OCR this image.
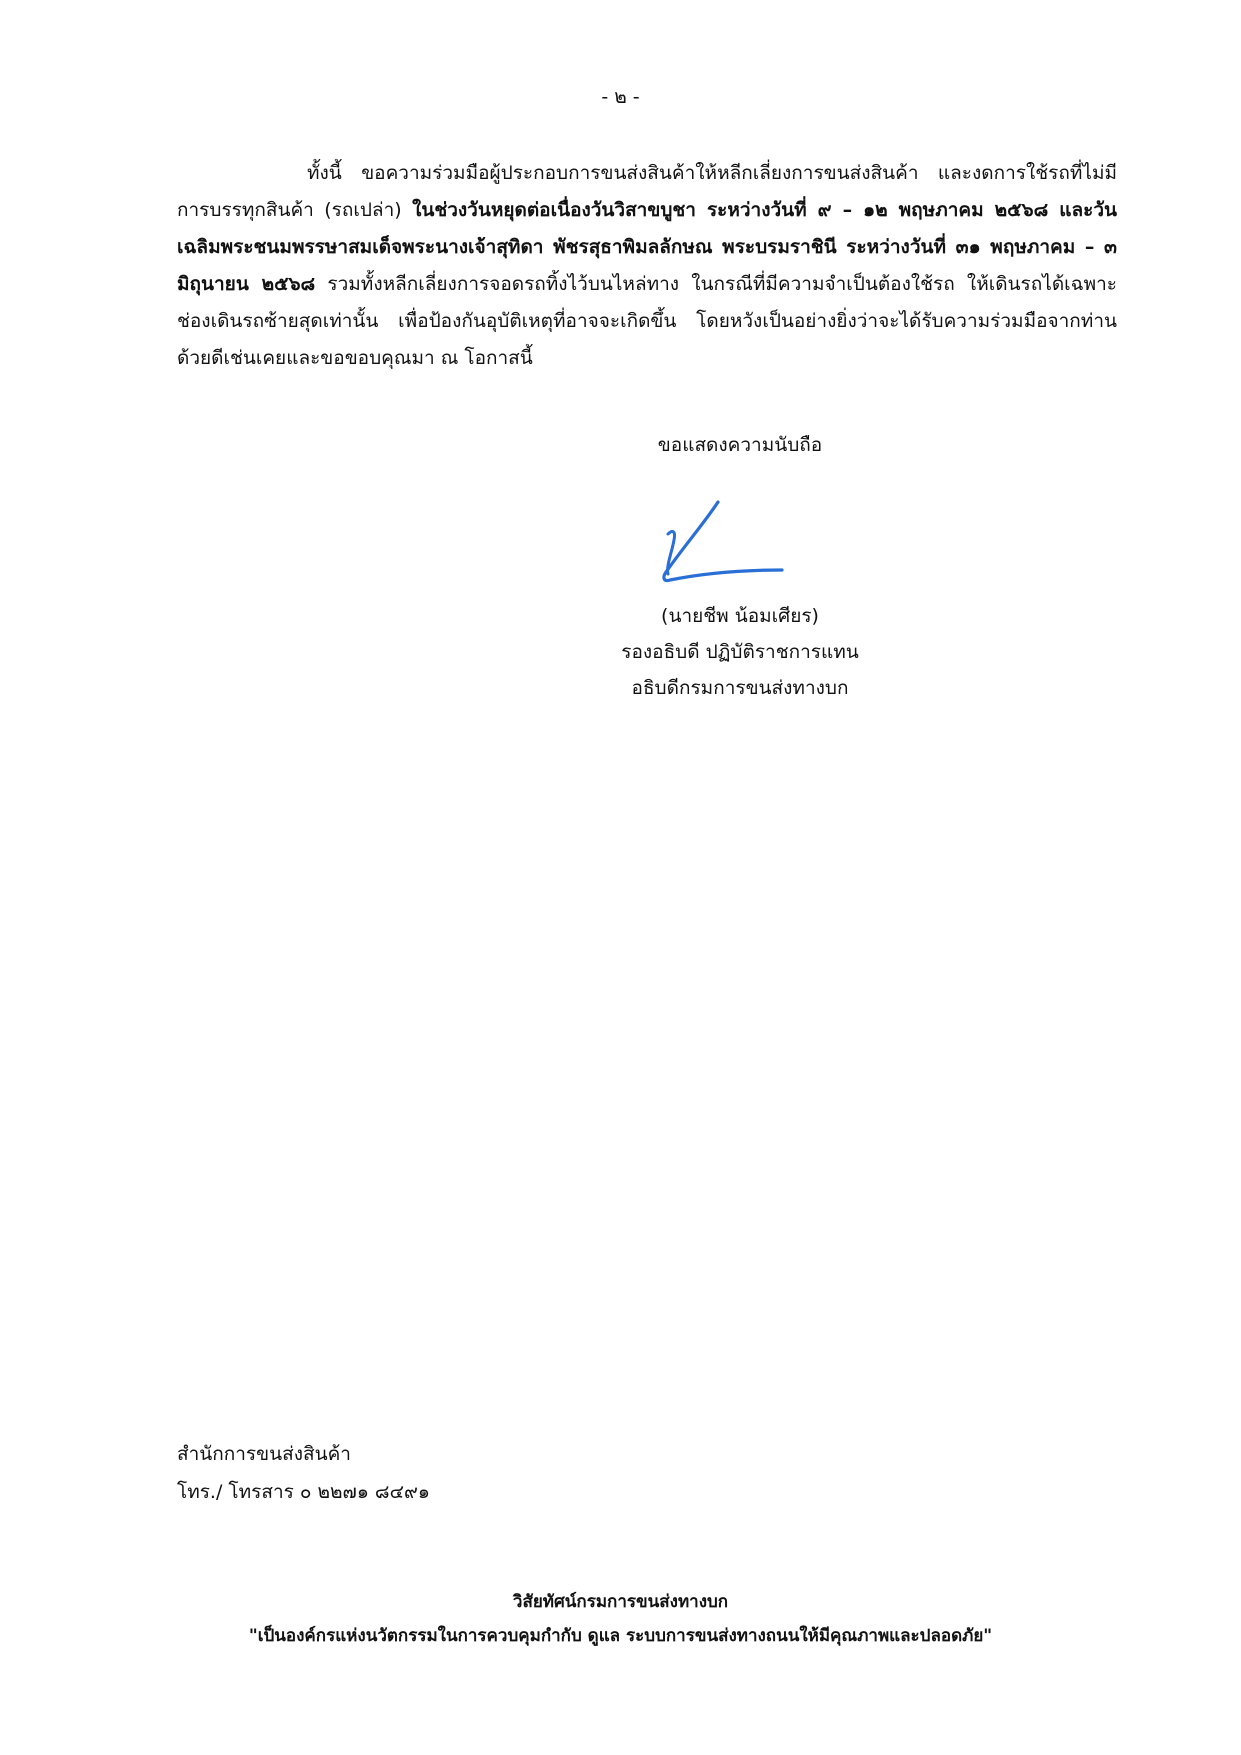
- ๒ -

ทั้งนี้ ขอความร่วมมือผู้ประกอบการขนส่งสินค้าให้หลีกเลี่ยงการขนส่งสินค้า และงดการใช้รถที่ไม่มีการบรรทุกสินค้า (รถเปล่า) ในช่วงวันหยุดต่อเนื่องวันวิสาขบูชา ระหว่างวันที่ ๙ – ๑๒ พฤษภาคม ๒๕๖๘ และวันเฉลิมพระชนมพรรษาสมเด็จพระนางเจ้าสุทิดา พัชรสุธาพิมลลักษณ พระบรมราชินี ระหว่างวันที่ ๓๑ พฤษภาคม – ๓ มิถุนายน ๒๕๖๘ รวมทั้งหลีกเลี่ยงการจอดรถทิ้งไว้บนไหล่ทาง ในกรณีที่มีความจำเป็นต้องใช้รถ ให้เดินรถได้เฉพาะช่องเดินรถซ้ายสุดเท่านั้น เพื่อป้องกันอุบัติเหตุที่อาจจะเกิดขึ้น โดยหวังเป็นอย่างยิ่งว่าจะได้รับความร่วมมือจากท่านด้วยดีเช่นเคยและขอขอบคุณมา ณ โอกาสนี้

ขอแสดงความนับถือ
(นายชีพ น้อมเศียร)
รองอธิบดี ปฏิบัติราชการแทน
อธิบดีกรมการขนส่งทางบก
สำนักการขนส่งสินค้า
โทร./ โทรสาร ๐ ๒๒๗๑ ๘๔๙๑
วิสัยทัศน์กรมการขนส่งทางบก
"เป็นองค์กรแห่งนวัตกรรมในการควบคุมกำกับ ดูแล ระบบการขนส่งทางถนนให้มีคุณภาพและปลอดภัย"
